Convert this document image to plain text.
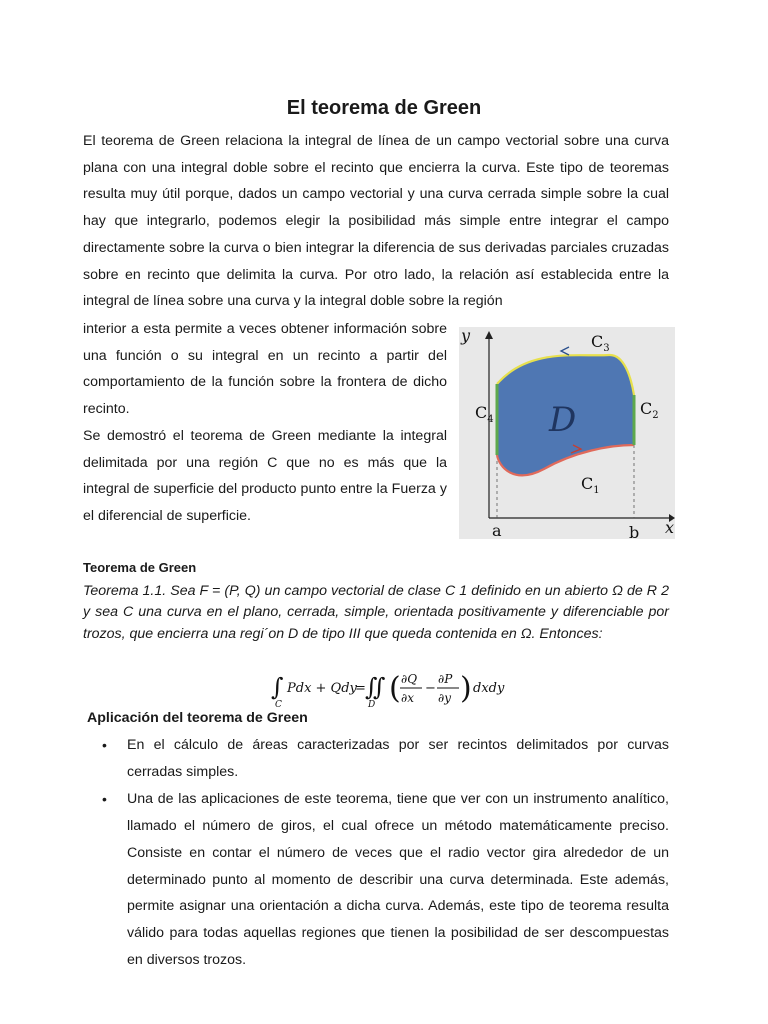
El teorema de Green

El teorema de Green relaciona la integral de línea de un campo vectorial sobre una curva plana con una integral doble sobre el recinto que encierra la curva. Este tipo de teoremas resulta muy útil porque, dados un campo vectorial y una curva cerrada simple sobre la cual hay que integrarlo, podemos elegir la posibilidad más simple entre integrar el campo directamente sobre la curva o bien integrar la diferencia de sus derivadas parciales cruzadas sobre en recinto que delimita la curva. Por otro lado, la relación así establecida entre la integral de línea sobre una curva y la integral doble sobre la región

interior a esta permite a veces obtener información sobre una función o su integral en un recinto a partir del comportamiento de la función sobre la frontera de dicho recinto.

Se demostró el teorema de Green mediante la integral delimitada por una región C que no es más que la integral de superficie del producto punto entre la Fuerza y el diferencial de superficie.

D
$C_1$
$C_2$
$C_3$
$C_4$
x
y
a	b
Teorema de Green

Teorema 1.1. Sea F = (P, Q) un campo vectorial de clase C 1 definido en un abierto Ω de R 2 y sea C una curva en el plano, cerrada, simple, orientada positivamente y diferenciable por trozos, que encierra una regi´on D de tipo III que queda contenida en Ω. Entonces:

∫
C
Pdx + Qdy
= ∬
D ( ∂Q
∂x
−
∂P
∂y ) dxdy
Aplicación del teorema de Green
• En el cálculo de áreas caracterizadas por ser recintos delimitados por curvas cerradas simples.
• Una de las aplicaciones de este teorema, tiene que ver con un instrumento analítico, llamado el número de giros, el cual ofrece un método matemáticamente preciso. Consiste en contar el número de veces que el radio vector gira alrededor de un determinado punto al momento de describir una curva determinada. Este además, permite asignar una orientación a dicha curva. Además, este tipo de teorema resulta válido para todas aquellas regiones que tienen la posibilidad de ser descompuestas en diversos trozos.
